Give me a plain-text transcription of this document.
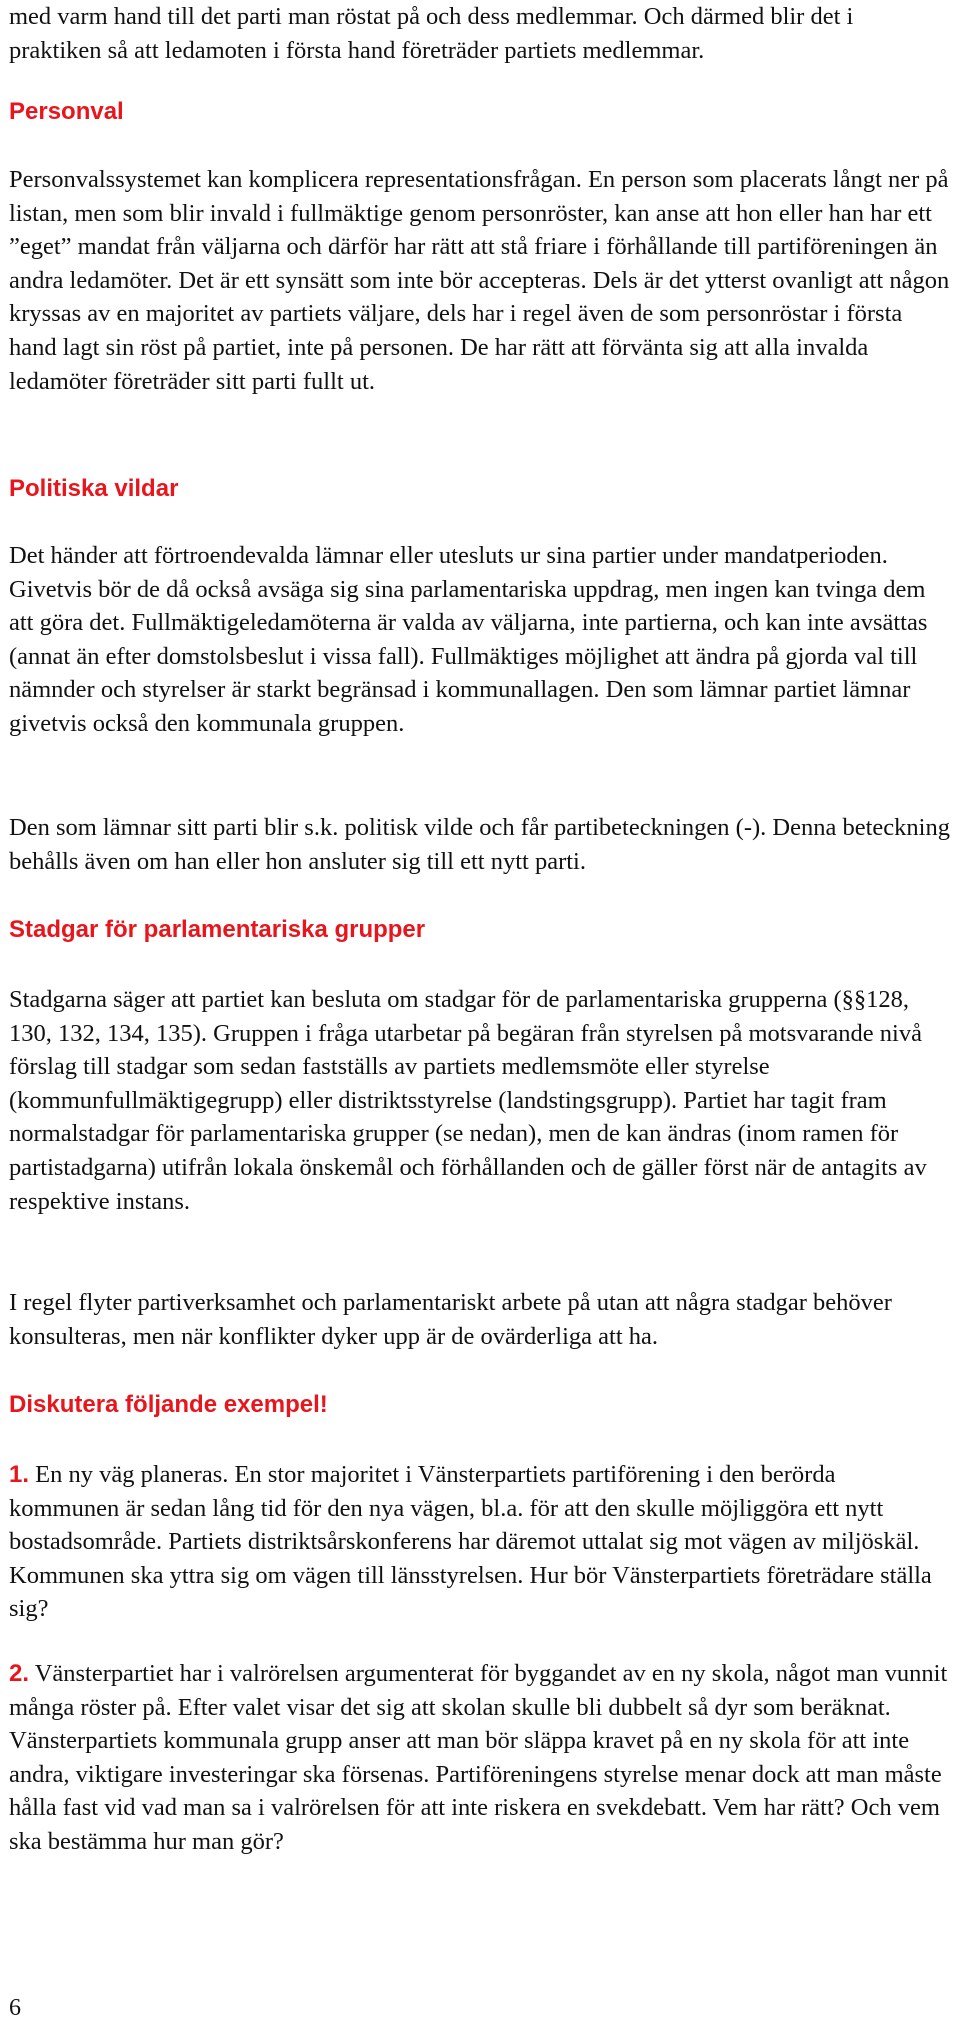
med varm hand till det parti man röstat på och dess medlemmar. Och därmed blir det i praktiken så att ledamoten i första hand företräder partiets medlemmar.

Personval

Personvalssystemet kan komplicera representationsfrågan. En person som placerats långt ner på listan, men som blir invald i fullmäktige genom personröster, kan anse att hon eller han har ett ”eget” mandat från väljarna och därför har rätt att stå friare i förhållande till partiföreningen än andra ledamöter. Det är ett synsätt som inte bör accepteras. Dels är det ytterst ovanligt att någon kryssas av en majoritet av partiets väljare, dels har i regel även de som personröstar i första hand lagt sin röst på partiet, inte på personen. De har rätt att förvänta sig att alla invalda ledamöter företräder sitt parti fullt ut.

Politiska vildar

Det händer att förtroendevalda lämnar eller utesluts ur sina partier under mandatperioden. Givetvis bör de då också avsäga sig sina parlamentariska uppdrag, men ingen kan tvinga dem att göra det. Fullmäktigeledamöterna är valda av väljarna, inte partierna, och kan inte avsättas (annat än efter domstolsbeslut i vissa fall). Fullmäktiges möjlighet att ändra på gjorda val till nämnder och styrelser är starkt begränsad i kommunallagen. Den som lämnar partiet lämnar givetvis också den kommunala gruppen.

Den som lämnar sitt parti blir s.k. politisk vilde och får partibeteckningen (-). Denna beteckning behålls även om han eller hon ansluter sig till ett nytt parti.

Stadgar för parlamentariska grupper

Stadgarna säger att partiet kan besluta om stadgar för de parlamentariska grupperna (§§128, 130, 132, 134, 135). Gruppen i fråga utarbetar på begäran från styrelsen på motsvarande nivå förslag till stadgar som sedan fastställs av partiets medlemsmöte eller styrelse (kommunfullmäktigegrupp) eller distriktsstyrelse (landstingsgrupp). Partiet har tagit fram normalstadgar för parlamentariska grupper (se nedan), men de kan ändras (inom ramen för partistadgarna) utifrån lokala önskemål och förhållanden och de gäller först när de antagits av respektive instans.

I regel flyter partiverksamhet och parlamentariskt arbete på utan att några stadgar behöver konsulteras, men när konflikter dyker upp är de ovärderliga att ha.

Diskutera följande exempel!

1. En ny väg planeras. En stor majoritet i Vänsterpartiets partiförening i den berörda kommunen är sedan lång tid för den nya vägen, bl.a. för att den skulle möjliggöra ett nytt bostadsområde. Partiets distriktsårskonferens har däremot uttalat sig mot vägen av miljöskäl. Kommunen ska yttra sig om vägen till länsstyrelsen. Hur bör Vänsterpartiets företrädare ställa sig?

2. Vänsterpartiet har i valrörelsen argumenterat för byggandet av en ny skola, något man vunnit många röster på. Efter valet visar det sig att skolan skulle bli dubbelt så dyr som beräknat. Vänsterpartiets kommunala grupp anser att man bör släppa kravet på en ny skola för att inte andra, viktigare investeringar ska försenas. Partiföreningens styrelse menar dock att man måste hålla fast vid vad man sa i valrörelsen för att inte riskera en svekdebatt. Vem har rätt? Och vem ska bestämma hur man gör?

6
